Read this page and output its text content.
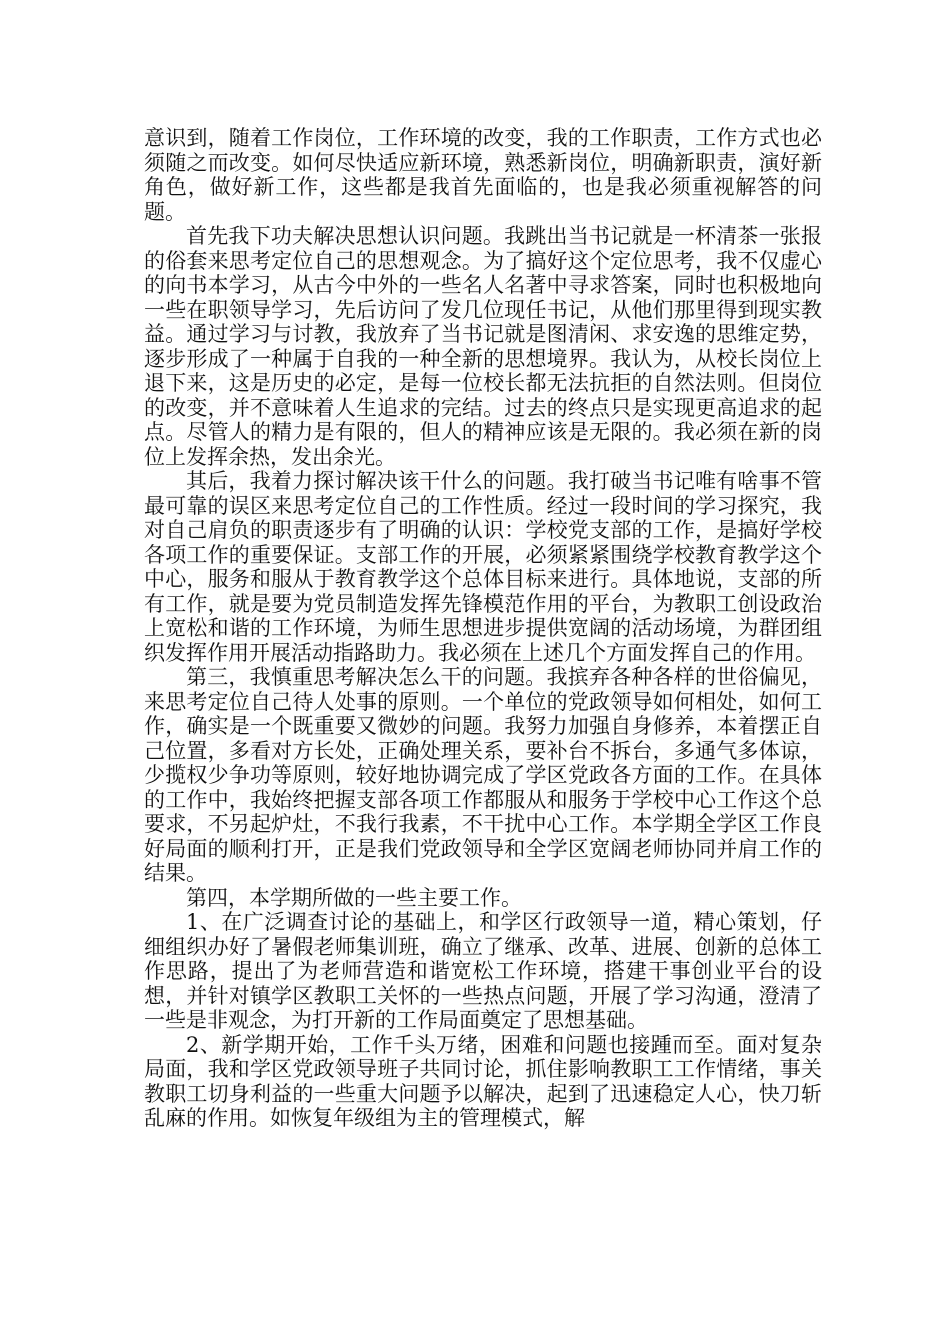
意识到，随着工作岗位，工作环境的改变，我的工作职责，工作方式也必须随之而改变。如何尽快适应新环境，熟悉新岗位，明确新职责，演好新角色，做好新工作，这些都是我首先面临的，也是我必须重视解答的问题。

首先我下功夫解决思想认识问题。我跳出当书记就是一杯清茶一张报的俗套来思考定位自己的思想观念。为了搞好这个定位思考，我不仅虚心的向书本学习，从古今中外的一些名人名著中寻求答案，同时也积极地向一些在职领导学习，先后访问了发几位现任书记，从他们那里得到现实教益。通过学习与讨教，我放弃了当书记就是图清闲、求安逸的思维定势，逐步形成了一种属于自我的一种全新的思想境界。我认为，从校长岗位上退下来，这是历史的必定，是每一位校长都无法抗拒的自然法则。但岗位的改变，并不意味着人生追求的完结。过去的终点只是实现更高追求的起点。尽管人的精力是有限的，但人的精神应该是无限的。我必须在新的岗位上发挥余热，发出余光。

其后，我着力探讨解决该干什么的问题。我打破当书记唯有啥事不管最可靠的误区来思考定位自己的工作性质。经过一段时间的学习探究，我对自己肩负的职责逐步有了明确的认识：学校党支部的工作，是搞好学校各项工作的重要保证。支部工作的开展，必须紧紧围绕学校教育教学这个中心，服务和服从于教育教学这个总体目标来进行。具体地说，支部的所有工作，就是要为党员制造发挥先锋模范作用的平台，为教职工创设政治上宽松和谐的工作环境，为师生思想进步提供宽阔的活动场境，为群团组织发挥作用开展活动指路助力。我必须在上述几个方面发挥自己的作用。

第三，我慎重思考解决怎么干的问题。我摈弃各种各样的世俗偏见，来思考定位自己待人处事的原则。一个单位的党政领导如何相处，如何工作，确实是一个既重要又微妙的问题。我努力加强自身修养，本着摆正自己位置，多看对方长处，正确处理关系，要补台不拆台，多通气多体谅，少揽权少争功等原则，较好地协调完成了学区党政各方面的工作。在具体的工作中，我始终把握支部各项工作都服从和服务于学校中心工作这个总要求，不另起炉灶，不我行我素，不干扰中心工作。本学期全学区工作良好局面的顺利打开，正是我们党政领导和全学区宽阔老师协同并肩工作的结果。

第四，本学期所做的一些主要工作。

1、在广泛调查讨论的基础上，和学区行政领导一道，精心策划，仔细组织办好了暑假老师集训班，确立了继承、改革、进展、创新的总体工作思路，提出了为老师营造和谐宽松工作环境，搭建干事创业平台的设想，并针对镇学区教职工关怀的一些热点问题，开展了学习沟通，澄清了一些是非观念，为打开新的工作局面奠定了思想基础。

2、新学期开始，工作千头万绪，困难和问题也接踵而至。面对复杂局面，我和学区党政领导班子共同讨论，抓住影响教职工工作情绪，事关教职工切身利益的一些重大问题予以解决，起到了迅速稳定人心，快刀斩乱麻的作用。如恢复年级组为主的管理模式，解
